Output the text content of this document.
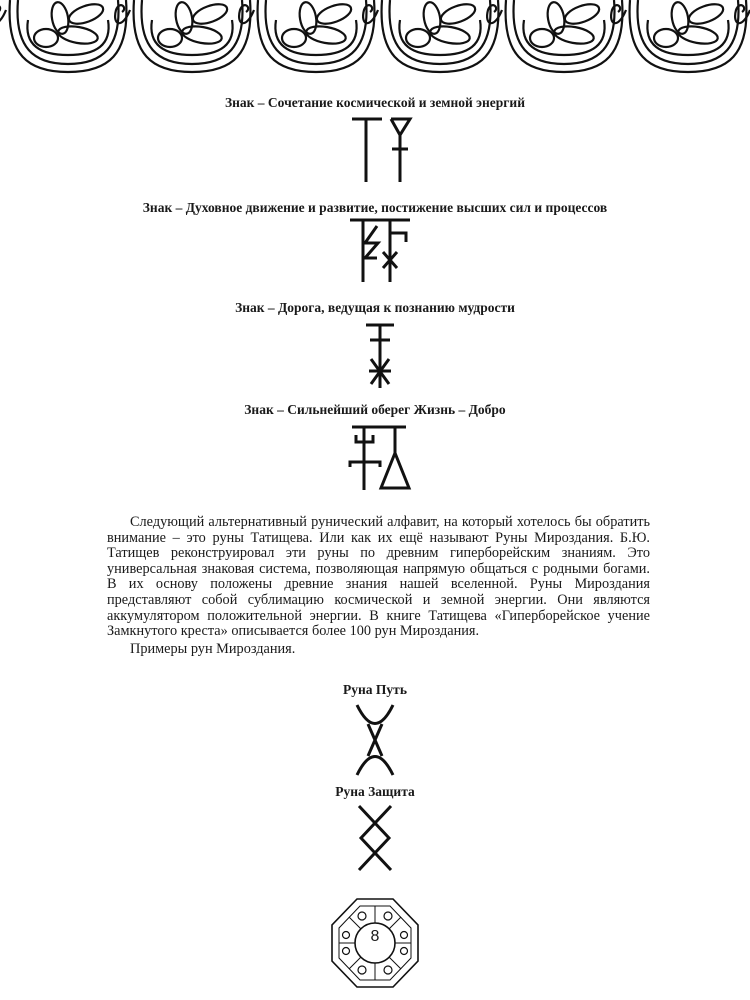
Знак – Сочетание космической и земной энергий
Знак – Духовное движение и развитие, постижение высших сил и процессов
Знак – Дорога, ведущая к познанию мудрости
Знак – Сильнейший оберег Жизнь – Добро

Следующий альтернативный рунический алфавит, на который хотелось бы обратить внимание – это руны Татищева. Или как их ещё называют Руны Мироздания. Б.Ю. Татищев реконструировал эти руны по древним гиперборейским знаниям. Это универсальная знаковая система, позволяющая напрямую общаться с родными богами. В их основу положены древние знания нашей вселенной. Руны Мироздания представляют собой сублимацию космической и земной энергии. Они являются аккумулятором положительной энергии. В книге Татищева «Гиперборейское учение Замкнутого креста» описывается более 100 рун Мироздания.

Примеры рун Мироздания.

Руна Путь
Руна Защита
8
